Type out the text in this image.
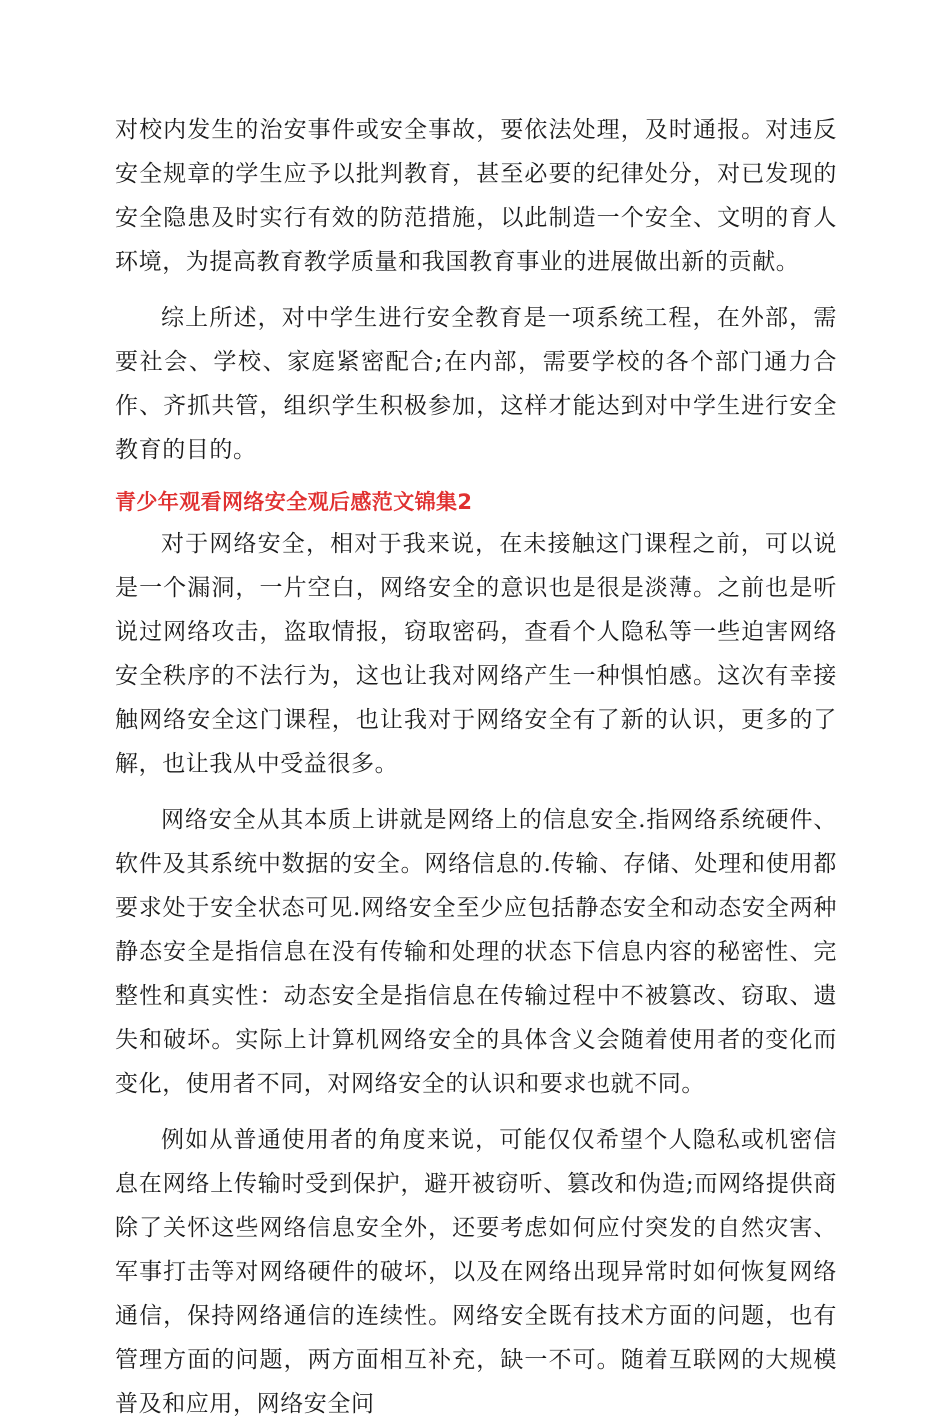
对校内发生的治安事件或安全事故，要依法处理，及时通报。对违反安全规章的学生应予以批判教育，甚至必要的纪律处分，对已发现的安全隐患及时实行有效的防范措施，以此制造一个安全、文明的育人环境，为提高教育教学质量和我国教育事业的进展做出新的贡献。

综上所述，对中学生进行安全教育是一项系统工程，在外部，需要社会、学校、家庭紧密配合;在内部，需要学校的各个部门通力合作、齐抓共管，组织学生积极参加，这样才能达到对中学生进行安全教育的目的。

青少年观看网络安全观后感范文锦集2

对于网络安全，相对于我来说，在未接触这门课程之前，可以说是一个漏洞，一片空白，网络安全的意识也是很是淡薄。之前也是听说过网络攻击，盗取情报，窃取密码，查看个人隐私等一些迫害网络安全秩序的不法行为，这也让我对网络产生一种惧怕感。这次有幸接触网络安全这门课程，也让我对于网络安全有了新的认识，更多的了解，也让我从中受益很多。

网络安全从其本质上讲就是网络上的信息安全.指网络系统硬件、软件及其系统中数据的安全。网络信息的.传输、存储、处理和使用都要求处于安全状态可见.网络安全至少应包括静态安全和动态安全两种静态安全是指信息在没有传输和处理的状态下信息内容的秘密性、完整性和真实性：动态安全是指信息在传输过程中不被篡改、窃取、遗失和破坏。实际上计算机网络安全的具体含义会随着使用者的变化而变化，使用者不同，对网络安全的认识和要求也就不同。

例如从普通使用者的角度来说，可能仅仅希望个人隐私或机密信息在网络上传输时受到保护，避开被窃听、篡改和伪造;而网络提供商除了关怀这些网络信息安全外，还要考虑如何应付突发的自然灾害、军事打击等对网络硬件的破坏，以及在网络出现异常时如何恢复网络通信，保持网络通信的连续性。网络安全既有技术方面的问题，也有管理方面的问题，两方面相互补充，缺一不可。随着互联网的大规模普及和应用，网络安全问
